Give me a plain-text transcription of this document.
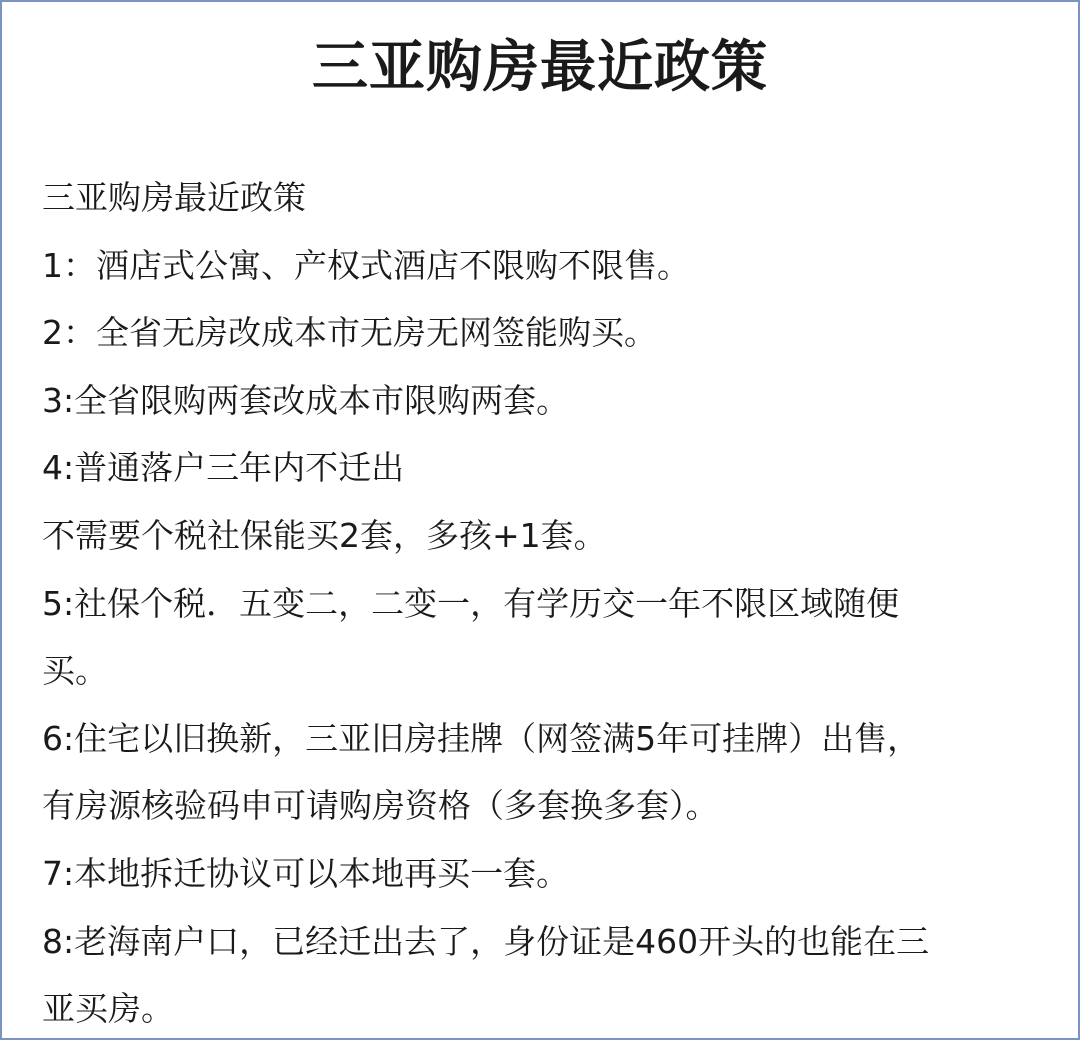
三亚购房最近政策

三亚购房最近政策

1：酒店式公寓、产权式酒店不限购不限售。

2：全省无房改成本市无房无网签能购买。

3:全省限购两套改成本市限购两套。

4:普通落户三年内不迁出

不需要个税社保能买2套，多孩+1套。

5:社保个税．五变二，二变一，有学历交一年不限区域随便

买。

6:住宅以旧换新，三亚旧房挂牌（网签满5年可挂牌）出售，

有房源核验码申可请购房资格（多套换多套）。

7:本地拆迁协议可以本地再买一套。

8:老海南户口，已经迁出去了，身份证是460开头的也能在三

亚买房。
